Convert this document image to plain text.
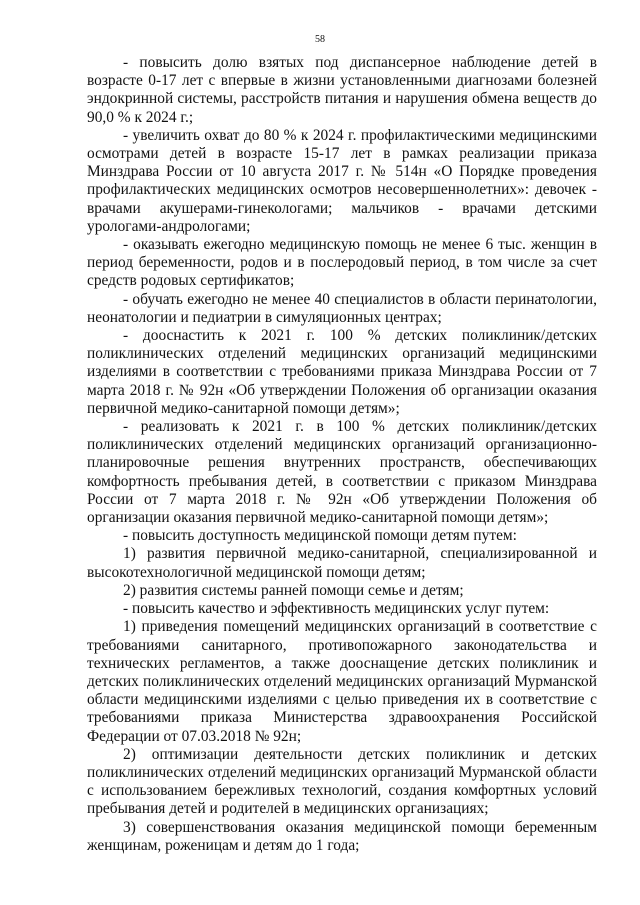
58

- повысить долю взятых под диспансерное наблюдение детей в возрасте 0-17 лет с впервые в жизни установленными диагнозами болезней эндокринной системы, расстройств питания и нарушения обмена веществ до 90,0 % к 2024 г.;

- увеличить охват до 80 % к 2024 г. профилактическими медицинскими осмотрами детей в возрасте 15-17 лет в рамках реализации приказа Минздрава России от 10 августа 2017 г. № 514н «О Порядке проведения профилактических медицинских осмотров несовершеннолетних»: девочек - врачами акушерами-гинекологами; мальчиков - врачами детскими урологами-андрологами;

- оказывать ежегодно медицинскую помощь не менее 6 тыс. женщин в период беременности, родов и в послеродовый период, в том числе за счет средств родовых сертификатов;

- обучать ежегодно не менее 40 специалистов в области перинатологии, неонатологии и педиатрии в симуляционных центрах;

- дооснастить к 2021 г. 100 % детских поликлиник/детских поликлинических отделений медицинских организаций медицинскими изделиями в соответствии с требованиями приказа Минздрава России от 7 марта 2018 г. № 92н «Об утверждении Положения об организации оказания первичной медико-санитарной помощи детям»;

- реализовать к 2021 г. в 100 % детских поликлиник/детских поликлинических отделений медицинских организаций организационно-планировочные решения внутренних пространств, обеспечивающих комфортность пребывания детей, в соответствии с приказом Минздрава России от 7 марта 2018 г. № 92н «Об утверждении Положения об организации оказания первичной медико-санитарной помощи детям»;

- повысить доступность медицинской помощи детям путем:

1) развития первичной медико-санитарной, специализированной и высокотехнологичной медицинской помощи детям;

2) развития системы ранней помощи семье и детям;

- повысить качество и эффективность медицинских услуг путем:

1) приведения помещений медицинских организаций в соответствие с требованиями санитарного, противопожарного законодательства и технических регламентов, а также дооснащение детских поликлиник и детских поликлинических отделений медицинских организаций Мурманской области медицинскими изделиями с целью приведения их в соответствие с требованиями приказа Министерства здравоохранения Российской Федерации от 07.03.2018 № 92н;

2) оптимизации деятельности детских поликлиник и детских поликлинических отделений медицинских организаций Мурманской области с использованием бережливых технологий, создания комфортных условий пребывания детей и родителей в медицинских организациях;

3) совершенствования оказания медицинской помощи беременным женщинам, роженицам и детям до 1 года;
